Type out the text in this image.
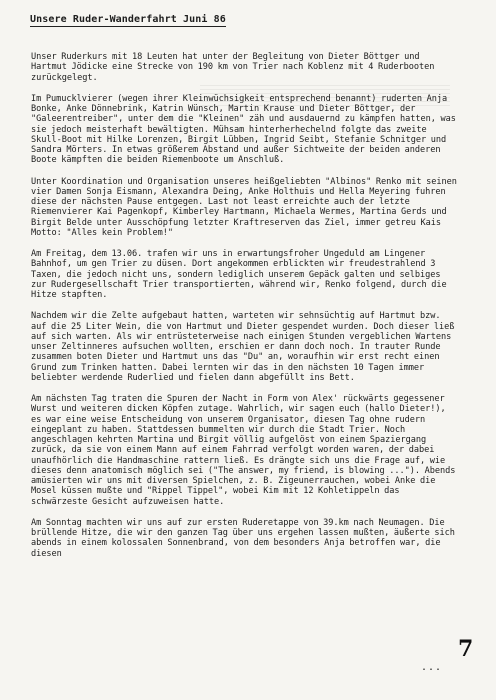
Unsere Ruder-Wanderfahrt Juni 86

Unser Ruderkurs mit 18 Leuten hat unter der Begleitung von Dieter Böttger und Hartmut Jödicke eine Strecke von 190 km von Trier nach Koblenz mit 4 Ruderbooten zurückgelegt.

Im Pumucklvierer (wegen ihrer Kleinwüchsigkeit entsprechend benannt) ruderten Anja Bonke, Anke Dönnebrink, Katrin Wünsch, Martin Krause und Dieter Böttger, der "Galeerentreiber", unter dem die "Kleinen" zäh und ausdauernd zu kämpfen hatten, was sie jedoch meisterhaft bewältigten. Mühsam hinterherhechelnd folgte das zweite Skull-Boot mit Hilke Lorenzen, Birgit Lübben, Ingrid Seibt, Stefanie Schnitger und Sandra Mörters. In etwas größerem Abstand und außer Sichtweite der beiden anderen Boote kämpften die beiden Riemenboote um Anschluß.

Unter Koordination und Organisation unseres heißgeliebten "Albinos" Renko mit seinen vier Damen Sonja Eismann, Alexandra Deing, Anke Holthuis und Hella Meyering fuhren diese der nächsten Pause entgegen. Last not least erreichte auch der letzte Riemenvierer Kai Pagenkopf, Kimberley Hartmann, Michaela Wermes, Martina Gerds und Birgit Belde unter Ausschöpfung letzter Kraftreserven das Ziel, immer getreu Kais Motto: "Alles kein Problem!"

Am Freitag, dem 13.06. trafen wir uns in erwartungsfroher Ungeduld am Lingener Bahnhof, um gen Trier zu düsen. Dort angekommen erblickten wir freudestrahlend 3 Taxen, die jedoch nicht uns, sondern lediglich unserem Gepäck galten und selbiges zur Rudergesellschaft Trier transportierten, während wir, Renko folgend, durch die Hitze stapften.

Nachdem wir die Zelte aufgebaut hatten, warteten wir sehnsüchtig auf Hartmut bzw. auf die 25 Liter Wein, die von Hartmut und Dieter gespendet wurden. Doch dieser ließ auf sich warten. Als wir entrüsteterweise nach einigen Stunden vergeblichen Wartens unser Zeltinneres aufsuchen wollten, erschien er dann doch noch. In trauter Runde zusammen boten Dieter und Hartmut uns das "Du" an, woraufhin wir erst recht einen Grund zum Trinken hatten. Dabei lernten wir das in den nächsten 10 Tagen immer beliebter werdende Ruderlied und fielen dann abgefüllt ins Bett.

Am nächsten Tag traten die Spuren der Nacht in Form von Alex' rückwärts gegessener Wurst und weiteren dicken Köpfen zutage. Wahrlich, wir sagen euch (hallo Dieter!), es war eine weise Entscheidung von unserem Organisator, diesen Tag ohne rudern eingeplant zu haben. Stattdessen bummelten wir durch die Stadt Trier. Noch angeschlagen kehrten Martina und Birgit völlig aufgelöst von einem Spaziergang zurück, da sie von einem Mann auf einem Fahrrad verfolgt worden waren, der dabei unaufhörlich die Handmaschine rattern ließ. Es drängte sich uns die Frage auf, wie dieses denn anatomisch möglich sei ("The answer, my friend, is blowing ..."). Abends amüsierten wir uns mit diversen Spielchen, z. B. Zigeunerrauchen, wobei Anke die Mosel küssen mußte und "Rippel Tippel", wobei Kim mit 12 Kohletippeln das schwärzeste Gesicht aufzuweisen hatte.

Am Sonntag machten wir uns auf zur ersten Ruderetappe von 39.km nach Neumagen. Die brüllende Hitze, die wir den ganzen Tag über uns ergehen lassen mußten, äußerte sich abends in einem kolossalen Sonnenbrand, von dem besonders Anja betroffen war, die diesen

7
...
